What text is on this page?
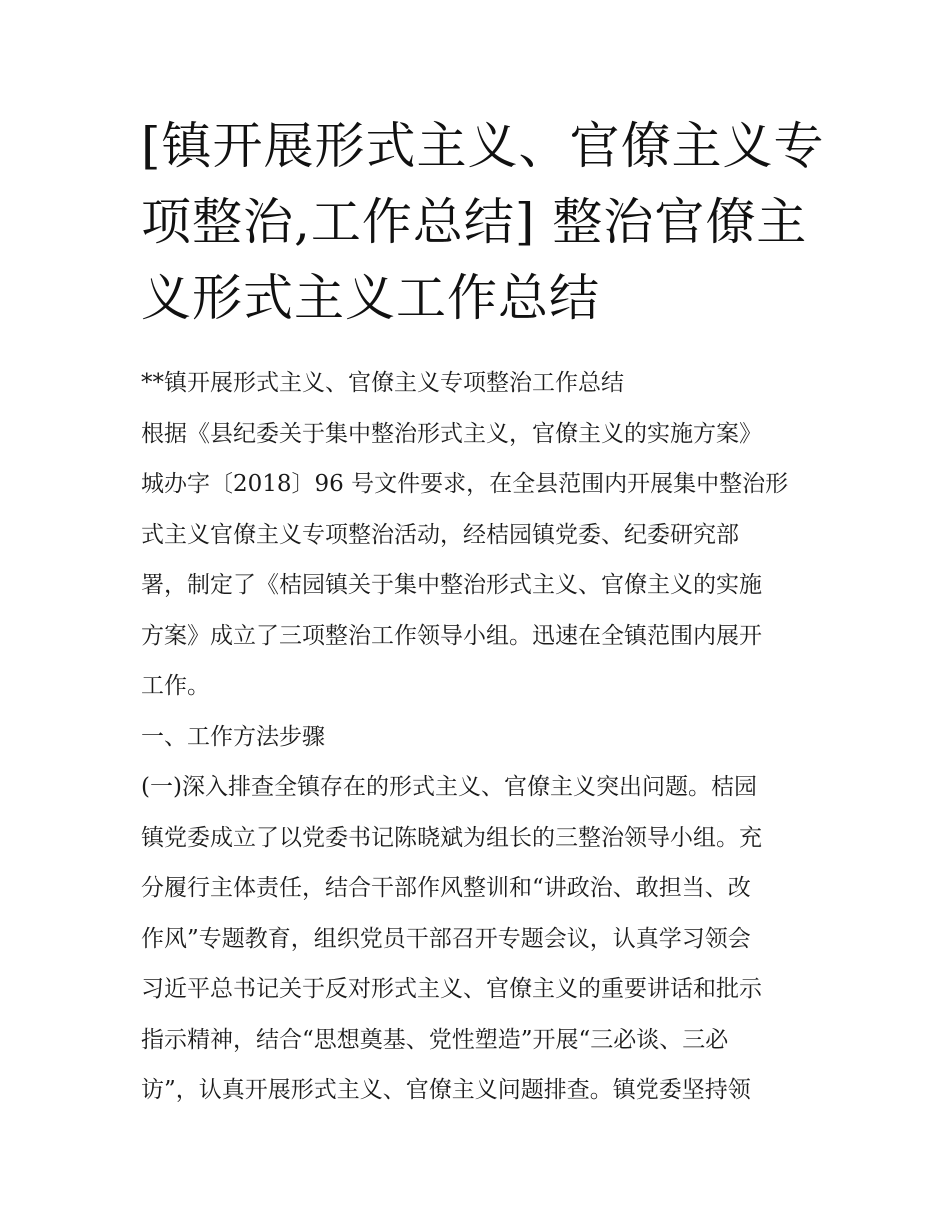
[镇开展形式主义、官僚主义专
项整治,工作总结] 整治官僚主
义形式主义工作总结
**镇开展形式主义、官僚主义专项整治工作总结
根据《县纪委关于集中整治形式主义，官僚主义的实施方案》
城办字〔2018〕96 号文件要求，在全县范围内开展集中整治形
式主义官僚主义专项整治活动，经桔园镇党委、纪委研究部
署，制定了《桔园镇关于集中整治形式主义、官僚主义的实施
方案》成立了三项整治工作领导小组。迅速在全镇范围内展开
工作。
一、工作方法步骤
(一)深入排查全镇存在的形式主义、官僚主义突出问题。桔园
镇党委成立了以党委书记陈晓斌为组长的三整治领导小组。充
分履行主体责任，结合干部作风整训和“讲政治、敢担当、改
作风”专题教育，组织党员干部召开专题会议，认真学习领会
习近平总书记关于反对形式主义、官僚主义的重要讲话和批示
指示精神，结合“思想奠基、党性塑造”开展“三必谈、三必
访”，认真开展形式主义、官僚主义问题排查。镇党委坚持领
